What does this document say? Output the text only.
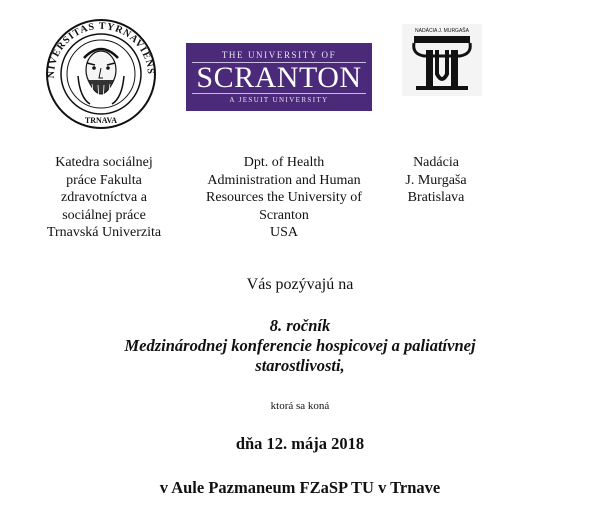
NIVERSITAS TYRNAVIENS
TRNAVA
THE UNIVERSITY OF
SCRANTON
A JESUIT UNIVERSITY
NADÁCIA J. MURGAŠA
Katedra sociálnej
práce Fakulta
zdravotníctva a
sociálnej práce
Trnavská Univerzita
Dpt. of Health
Administration and Human
Resources the University of
Scranton
USA
Nadácia
J. Murgaša
Bratislava
Vás pozývajú na
8. ročník
Medzinárodnej konferencie hospicovej a paliatívnej
starostlivosti,
ktorá sa koná
dňa 12. mája 2018
v Aule Pazmaneum FZaSP TU v Trnave
